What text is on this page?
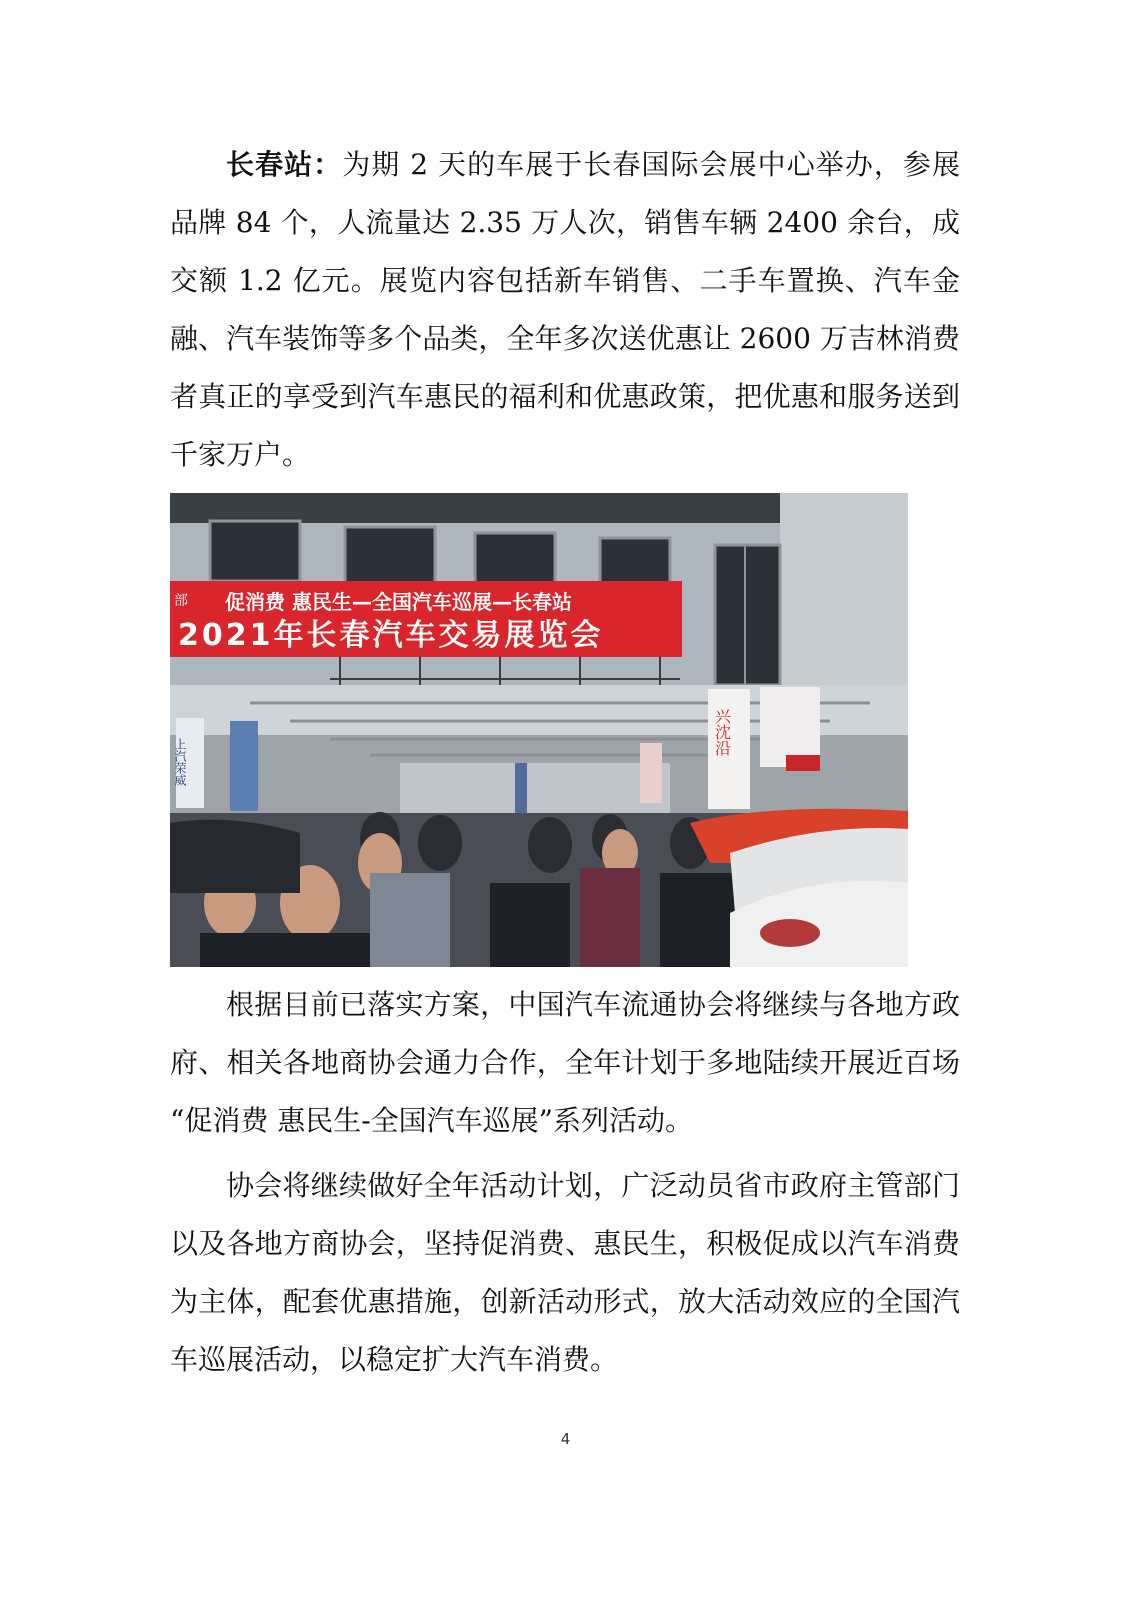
长春站：为期 2 天的车展于长春国际会展中心举办，参展品牌 84 个，人流量达 2.35 万人次，销售车辆 2400 余台，成交额 1.2 亿元。展览内容包括新车销售、二手车置换、汽车金融、汽车装饰等多个品类，全年多次送优惠让 2600 万吉林消费者真正的享受到汽车惠民的福利和优惠政策，把优惠和服务送到千家万户。

部 促消费 惠民生—全国汽车巡展—长春站
2021年长春汽车交易展览会
上汽荣威
兴沈沿

根据目前已落实方案，中国汽车流通协会将继续与各地方政府、相关各地商协会通力合作，全年计划于多地陆续开展近百场 “促消费 惠民生-全国汽车巡展”系列活动。

协会将继续做好全年活动计划，广泛动员省市政府主管部门以及各地方商协会，坚持促消费、惠民生，积极促成以汽车消费为主体，配套优惠措施，创新活动形式，放大活动效应的全国汽车巡展活动，以稳定扩大汽车消费。

4
